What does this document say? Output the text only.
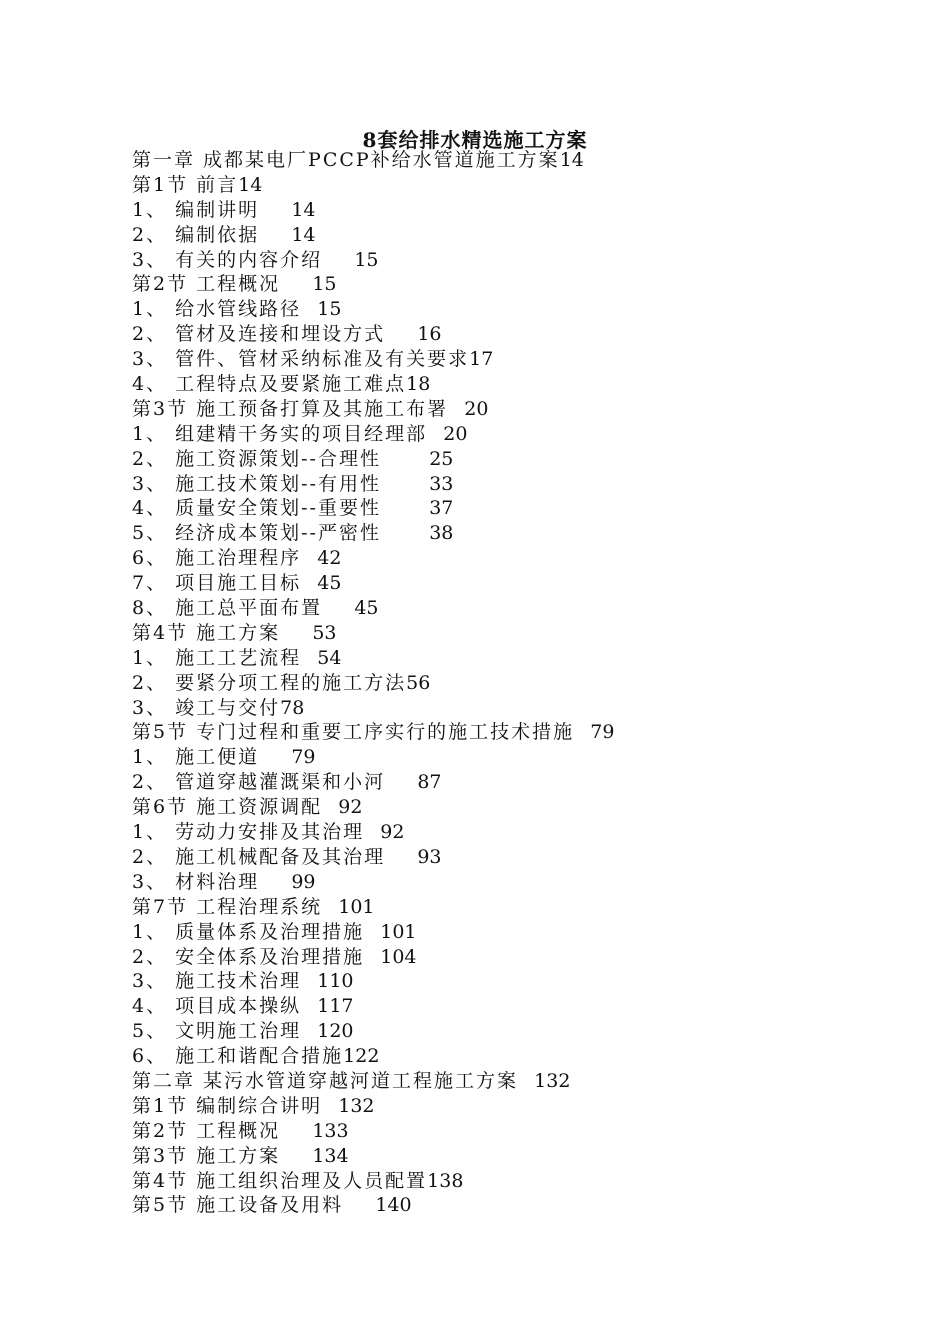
8套给排水精选施工方案
第一章 成都某电厂PCCP补给水管道施工方案14
第1节 前言14
1、 编制讲明 14
2、 编制依据 14
3、 有关的内容介绍 15
第2节 工程概况 15
1、 给水管线路径 15
2、 管材及连接和埋设方式 16
3、 管件、管材采纳标准及有关要求17
4、 工程特点及要紧施工难点18
第3节 施工预备打算及其施工布署 20
1、 组建精干务实的项目经理部 20
2、 施工资源策划--合理性	25
3、 施工技术策划--有用性	33
4、 质量安全策划--重要性	37
5、 经济成本策划--严密性	38
6、 施工治理程序 42
7、 项目施工目标 45
8、 施工总平面布置 45
第4节 施工方案 53
1、 施工工艺流程 54
2、 要紧分项工程的施工方法56
3、 竣工与交付78
第5节 专门过程和重要工序实行的施工技术措施 79
1、 施工便道 79
2、 管道穿越灌溉渠和小河 87
第6节 施工资源调配 92
1、 劳动力安排及其治理 92
2、 施工机械配备及其治理 93
3、 材料治理 99
第7节 工程治理系统 101
1、 质量体系及治理措施 101
2、 安全体系及治理措施 104
3、 施工技术治理 110
4、 项目成本操纵 117
5、 文明施工治理 120
6、 施工和谐配合措施122
第二章 某污水管道穿越河道工程施工方案 132
第1节 编制综合讲明 132
第2节 工程概况 133
第3节 施工方案 134
第4节 施工组织治理及人员配置138
第5节 施工设备及用料 140
